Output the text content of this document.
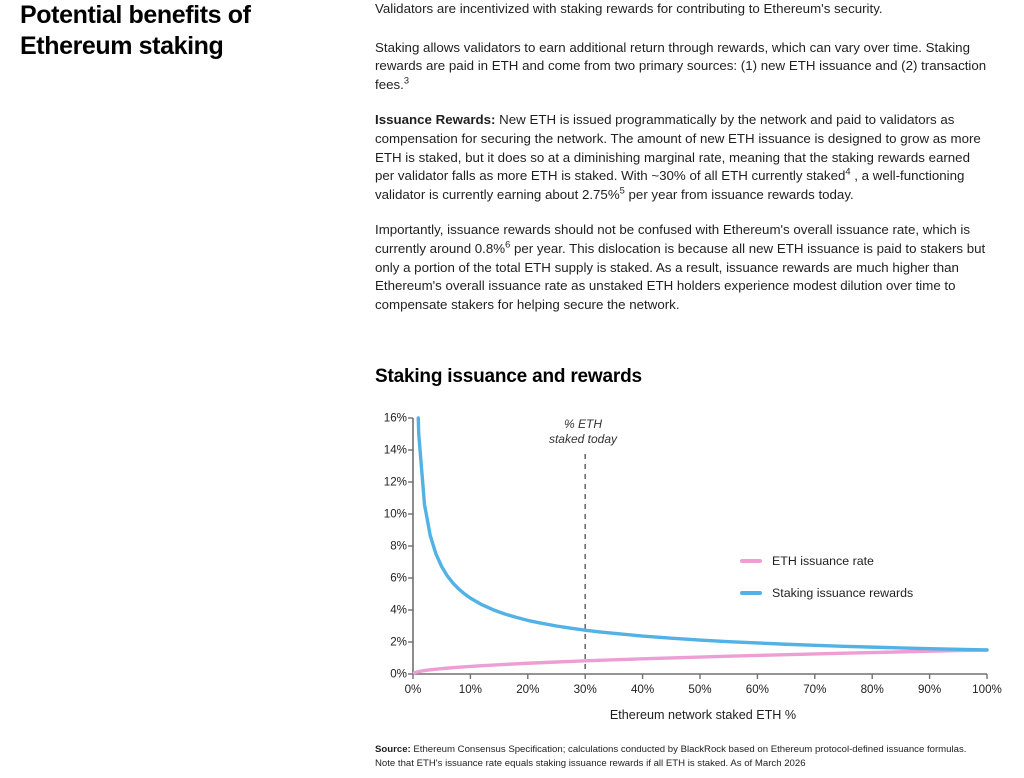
Potential benefits of
Ethereum staking

Validators are incentivized with staking rewards for contributing to Ethereum's security.

Staking allows validators to earn additional return through rewards, which can vary over time. Staking rewards are paid in ETH and come from two primary sources: (1) new ETH issuance and (2) transaction fees.$^3$

Issuance Rewards: New ETH is issued programmatically by the network and paid to validators as compensation for securing the network. The amount of new ETH issuance is designed to grow as more ETH is staked, but it does so at a diminishing marginal rate, meaning that the staking rewards earned per validator falls as more ETH is staked. With ~30% of all ETH currently staked$^4$ , a well-functioning validator is currently earning about 2.75%$^5$ per year from issuance rewards today.

Importantly, issuance rewards should not be confused with Ethereum's overall issuance rate, which is currently around 0.8%$^6$ per year. This dislocation is because all new ETH issuance is paid to stakers but only a portion of the total ETH supply is staked. As a result, issuance rewards are much higher than Ethereum's overall issuance rate as unstaked ETH holders experience modest dilution over time to compensate stakers for helping secure the network.

Staking issuance and rewards
% ETH
staked today
ETH issuance rate
Staking issuance rewards
Ethereum network staked ETH %
0%
2%
4%
6%
8%
10%
12%
14%
16%
0%	10%	20%	30%	40%	50%	60%	70%	80%	90%	100%
Source: Ethereum Consensus Specification; calculations conducted by BlackRock based on Ethereum protocol-defined issuance formulas.
Note that ETH's issuance rate equals staking issuance rewards if all ETH is staked. As of March 2026
